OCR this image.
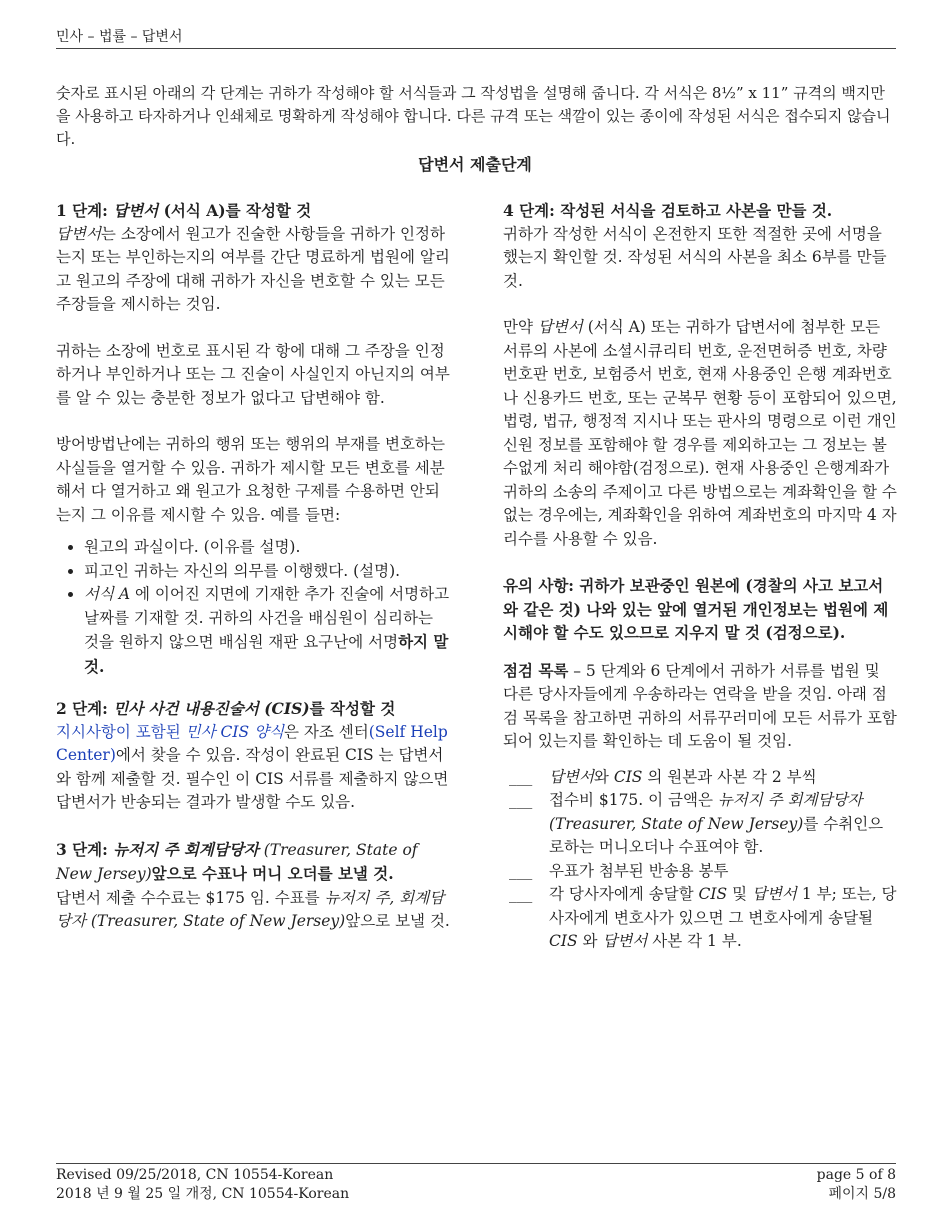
민사 – 법률 – 답변서
숫자로 표시된 아래의 각 단계는 귀하가 작성해야 할 서식들과 그 작성법을 설명해 줍니다. 각 서식은 8½” x 11” 규격의 백지만을 사용하고 타자하거나 인쇄체로 명확하게 작성해야 합니다. 다른 규격 또는 색깔이 있는 종이에 작성된 서식은 접수되지 않습니다.
답변서 제출단계
1 단계: 답변서 (서식 A)를 작성할 것
답변서는 소장에서 원고가 진술한 사항들을 귀하가 인정하는지 또는 부인하는지의 여부를 간단 명료하게 법원에 알리고 원고의 주장에 대해 귀하가 자신을 변호할 수 있는 모든 주장들을 제시하는 것임.
귀하는 소장에 번호로 표시된 각 항에 대해 그 주장을 인정하거나 부인하거나 또는 그 진술이 사실인지 아닌지의 여부를 알 수 있는 충분한 정보가 없다고 답변해야 함.
방어방법난에는 귀하의 행위 또는 행위의 부재를 변호하는 사실들을 열거할 수 있음. 귀하가 제시할 모든 변호를 세분해서 다 열거하고 왜 원고가 요청한 구제를 수용하면 안되는지 그 이유를 제시할 수 있음. 예를 들면:
• 원고의 과실이다. (이유를 설명).
• 피고인 귀하는 자신의 의무를 이행했다. (설명).
• 서식 A 에 이어진 지면에 기재한 추가 진술에 서명하고 날짜를 기재할 것. 귀하의 사건을 배심원이 심리하는 것을 원하지 않으면 배심원 재판 요구난에 서명하지 말 것.
2 단계: 민사 사건 내용진술서 (CIS)를 작성할 것
지시사항이 포함된 민사 CIS 양식은 자조 센터(Self Help Center)에서 찾을 수 있음. 작성이 완료된 CIS 는 답변서와 함께 제출할 것. 필수인 이 CIS 서류를 제출하지 않으면 답변서가 반송되는 결과가 발생할 수도 있음.
3 단계: 뉴저지 주 회계담당자 (Treasurer, State of New Jersey)앞으로 수표나 머니 오더를 보낼 것.
답변서 제출 수수료는 $175 임. 수표를 뉴저지 주, 회계담당자 (Treasurer, State of New Jersey)앞으로 보낼 것.
4 단계: 작성된 서식을 검토하고 사본을 만들 것.
귀하가 작성한 서식이 온전한지 또한 적절한 곳에 서명을 했는지 확인할 것. 작성된 서식의 사본을 최소 6부를 만들 것.
만약 답변서 (서식 A) 또는 귀하가 답변서에 첨부한 모든 서류의 사본에 소셜시큐리티 번호, 운전면허증 번호, 차량번호판 번호, 보험증서 번호, 현재 사용중인 은행 계좌번호나 신용카드 번호, 또는 군복무 현황 등이 포함되어 있으면, 법령, 법규, 행정적 지시나 또는 판사의 명령으로 이런 개인 신원 정보를 포함해야 할 경우를 제외하고는 그 정보는 볼 수없게 처리 해야함(검정으로). 현재 사용중인 은행계좌가 귀하의 소송의 주제이고 다른 방법으로는 계좌확인을 할 수 없는 경우에는, 계좌확인을 위하여 계좌번호의 마지막 4 자리수를 사용할 수 있음.
유의 사항: 귀하가 보관중인 원본에 (경찰의 사고 보고서와 같은 것) 나와 있는 앞에 열거된 개인정보는 법원에 제시해야 할 수도 있으므로 지우지 말 것 (검정으로).
점검 목록 – 5 단계와 6 단계에서 귀하가 서류를 법원 및 다른 당사자들에게 우송하라는 연락을 받을 것임. 아래 점검 목록을 참고하면 귀하의 서류꾸러미에 모든 서류가 포함되어 있는지를 확인하는 데 도움이 될 것임.
___ 답변서와 CIS 의 원본과 사본 각 2 부씩
___ 접수비 $175. 이 금액은 뉴저지 주 회계담당자 (Treasurer, State of New Jersey)를 수취인으로하는 머니오더나 수표여야 함.
___ 우표가 첨부된 반송용 봉투
___ 각 당사자에게 송달할 CIS 및 답변서 1 부; 또는, 당사자에게 변호사가 있으면 그 변호사에게 송달될 CIS 와 답변서 사본 각 1 부.
Revised 09/25/2018, CN 10554-Korean
2018 년 9 월 25 일 개정, CN 10554-Korean
page 5 of 8
페이지 5/8
